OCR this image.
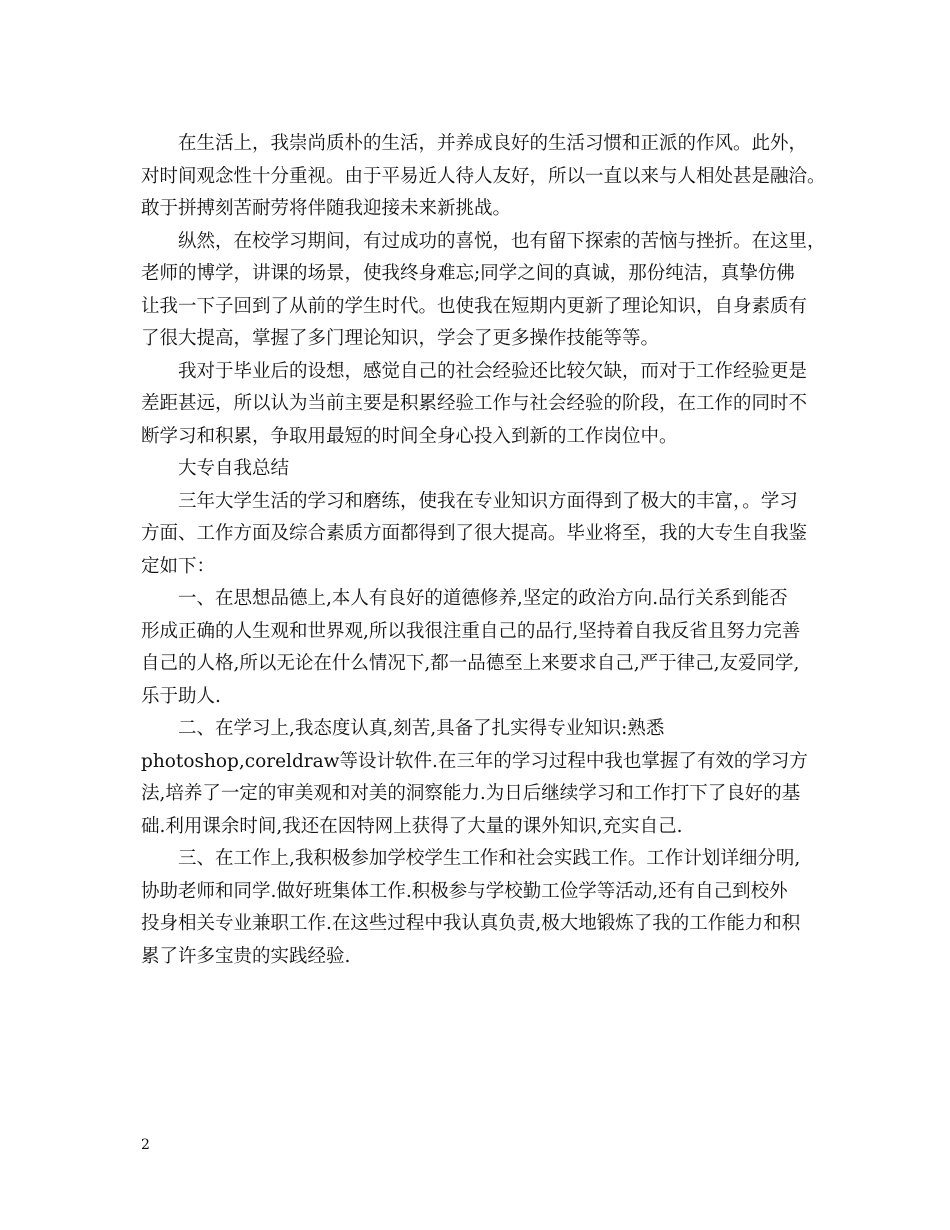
在生活上，我崇尚质朴的生活，并养成良好的生活习惯和正派的作风。此外，
对时间观念性十分重视。由于平易近人待人友好，所以一直以来与人相处甚是融洽。
敢于拼搏刻苦耐劳将伴随我迎接未来新挑战。
纵然，在校学习期间，有过成功的喜悦，也有留下探索的苦恼与挫折。在这里，
老师的博学，讲课的场景，使我终身难忘;同学之间的真诚，那份纯洁，真挚仿佛
让我一下子回到了从前的学生时代。也使我在短期内更新了理论知识，自身素质有
了很大提高，掌握了多门理论知识，学会了更多操作技能等等。
我对于毕业后的设想，感觉自己的社会经验还比较欠缺，而对于工作经验更是
差距甚远，所以认为当前主要是积累经验工作与社会经验的阶段，在工作的同时不
断学习和积累，争取用最短的时间全身心投入到新的工作岗位中。
大专自我总结
三年大学生活的学习和磨练，使我在专业知识方面得到了极大的丰富，。学习
方面、工作方面及综合素质方面都得到了很大提高。毕业将至，我的大专生自我鉴
定如下：
一、在思想品德上,本人有良好的道德修养,坚定的政治方向.品行关系到能否
形成正确的人生观和世界观,所以我很注重自己的品行,坚持着自我反省且努力完善
自己的人格,所以无论在什么情况下,都一品德至上来要求自己,严于律己,友爱同学,
乐于助人.
二、在学习上,我态度认真,刻苦,具备了扎实得专业知识:熟悉
photoshop,coreldraw等设计软件.在三年的学习过程中我也掌握了有效的学习方
法,培养了一定的审美观和对美的洞察能力.为日后继续学习和工作打下了良好的基
础.利用课余时间,我还在因特网上获得了大量的课外知识,充实自己.
三、在工作上,我积极参加学校学生工作和社会实践工作。工作计划详细分明,
协助老师和同学.做好班集体工作.积极参与学校勤工俭学等活动,还有自己到校外
投身相关专业兼职工作.在这些过程中我认真负责,极大地锻炼了我的工作能力和积
累了许多宝贵的实践经验.
2
